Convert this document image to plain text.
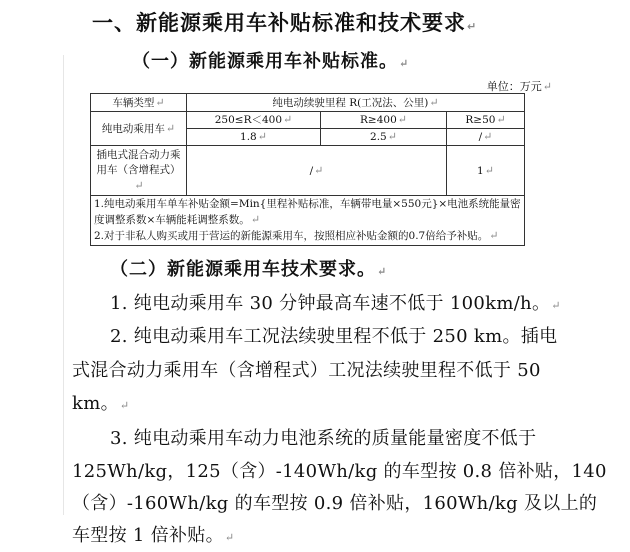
一、新能源乘用车补贴标准和技术要求↵
（一）新能源乘用车补贴标准。↵
单位：万元↵
车辆类型↵	纯电动续驶里程 R(工况法、公里)↵		
纯电动乘用车↵	250≤R＜400↵	R≥400↵	R≥50↵
	1.8↵	2.5↵	/↵
插电式混合动力乘用车（含增程式）↵	/↵		1↵

1.纯电动乘用车单车补贴金额=Min{里程补贴标准，车辆带电量×550元}×电池系统能量密度调整系数×车辆能耗调整系数。↵
2.对于非私人购买或用于营运的新能源乘用车，按照相应补贴金额的0.7倍给予补贴。↵			
（二）新能源乘用车技术要求。↵
1. 纯电动乘用车 30 分钟最高车速不低于 100km/h。↵
2. 纯电动乘用车工况法续驶里程不低于 250 km。插电
式混合动力乘用车（含增程式）工况法续驶里程不低于 50
km。↵
3. 纯电动乘用车动力电池系统的质量能量密度不低于
125Wh/kg，125（含）-140Wh/kg 的车型按 0.8 倍补贴，140
（含）-160Wh/kg 的车型按 0.9 倍补贴，160Wh/kg 及以上的
车型按 1 倍补贴。↵
